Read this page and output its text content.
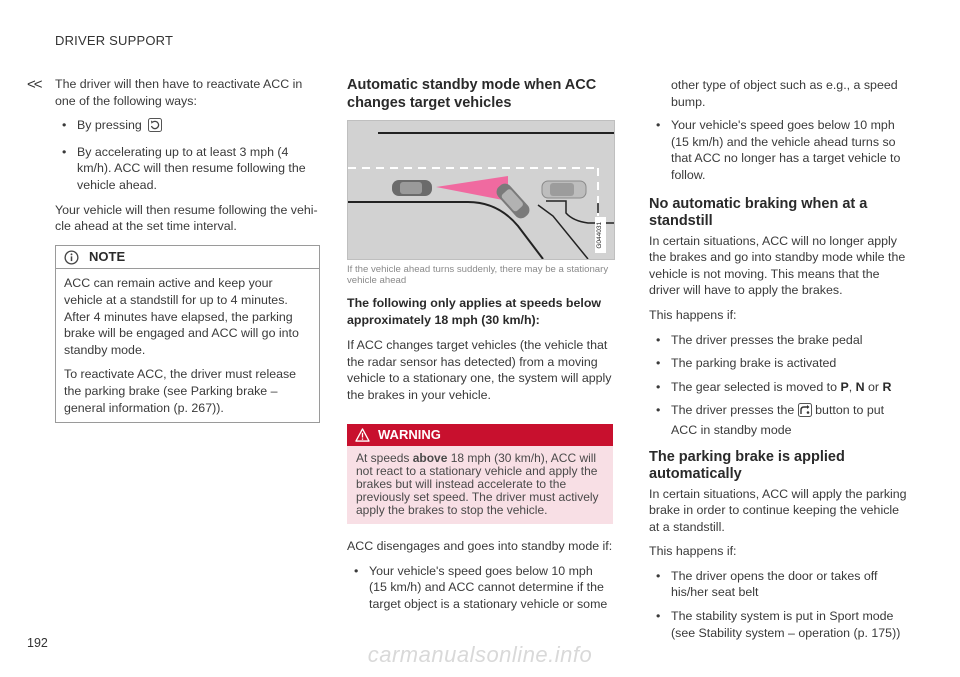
<<
DRIVER SUPPORT

The driver will then have to reactivate ACC in one of the following ways:

• By pressing
• By accelerating up to at least 3 mph (4 km/h). ACC will then resume following the vehicle ahead.

Your vehicle will then resume following the vehicle ahead at the set time interval.

NOTE

ACC can remain active and keep your vehicle at a standstill for up to 4 minutes. After 4 minutes have elapsed, the parking brake will be engaged and ACC will go into standby mode.

To reactivate ACC, the driver must release the parking brake (see Parking brake – general information (p. 267)).

Automatic standby mode when ACC changes target vehicles
G044031
If the vehicle ahead turns suddenly, there may be a stationary vehicle ahead
The following only applies at speeds below approximately 18 mph (30 km/h):

If ACC changes target vehicles (the vehicle that the radar sensor has detected) from a moving vehicle to a stationary one, the system will apply the brakes in your vehicle.

WARNING
At speeds above 18 mph (30 km/h), ACC will not react to a stationary vehicle and apply the brakes but will instead accelerate to the previously set speed. The driver must actively apply the brakes to stop the vehicle.

ACC disengages and goes into standby mode if:

• Your vehicle's speed goes below 10 mph (15 km/h) and ACC cannot determine if the target object is a stationary vehicle or some
other type of object such as e.g., a speed bump.
• Your vehicle's speed goes below 10 mph (15 km/h) and the vehicle ahead turns so that ACC no longer has a target vehicle to follow.
No automatic braking when at a standstill

In certain situations, ACC will no longer apply the brakes and go into standby mode while the vehicle is not moving. This means that the driver will have to apply the brakes.

This happens if:

• The driver presses the brake pedal
• The parking brake is activated
• The gear selected is moved to P, N or R
• The driver presses the  button to put ACC in standby mode
The parking brake is applied automatically

In certain situations, ACC will apply the parking brake in order to continue keeping the vehicle at a standstill.

This happens if:

• The driver opens the door or takes off his/her seat belt
• The stability system is put in Sport mode (see Stability system – operation (p. 175))
192	carmanualsonline.info
